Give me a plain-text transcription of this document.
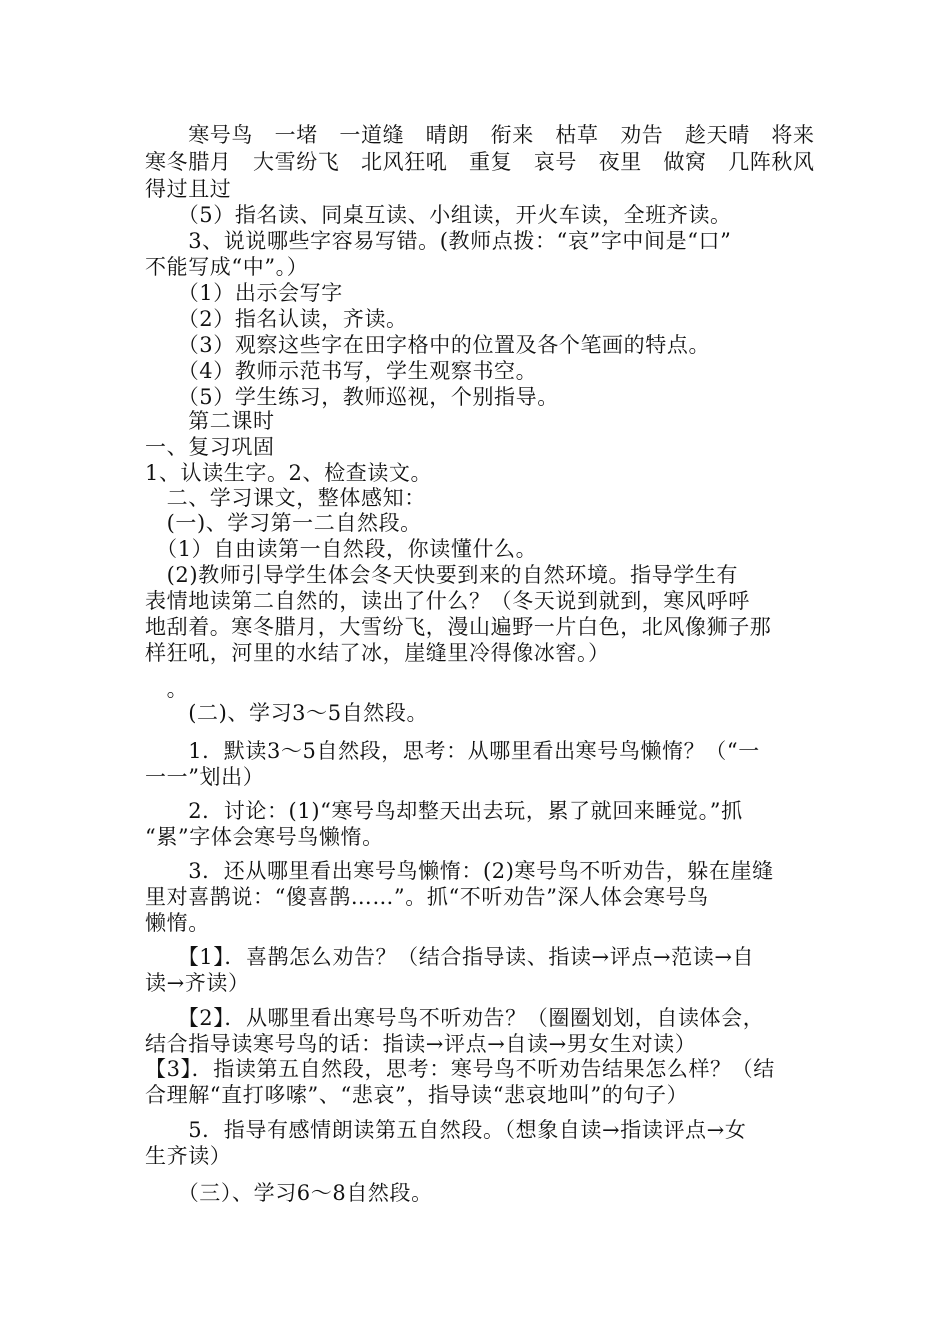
　　寒号鸟　一堵　一道缝　晴朗　衔来　枯草　劝告　趁天晴　将来
寒冬腊月　大雪纷飞　北风狂吼　重复　哀号　夜里　做窝　几阵秋风
得过且过
　　（5）指名读、同桌互读、小组读，开火车读，全班齐读。
　　3、说说哪些字容易写错。(教师点拨：“哀”字中间是“口”
不能写成“中”。）
　　（1）出示会写字
　　（2）指名认读，齐读。
　　（3）观察这些字在田字格中的位置及各个笔画的特点。
　　（4）教师示范书写，学生观察书空。
　　（5）学生练习，教师巡视，个别指导。
　　第二课时
一、复习巩固
1、认读生字。2、检查读文。
　二、学习课文，整体感知：
　(一)、学习第一二自然段。
　（1）自由读第一自然段，你读懂什么。
　(2)教师引导学生体会冬天快要到来的自然环境。指导学生有
表情地读第二自然的，读出了什么？（冬天说到就到，寒风呼呼
地刮着。寒冬腊月，大雪纷飞，漫山遍野一片白色，北风像狮子那
样狂吼，河里的水结了冰，崖缝里冷得像冰窖。）
　。
　　(二)、学习3～5自然段。
　　1．默读3～5自然段，思考：从哪里看出寒号鸟懒惰？（“一
一一”划出）
　　2．讨论：(1)“寒号鸟却整天出去玩，累了就回来睡觉。”抓
“累”字体会寒号鸟懒惰。
　　3．还从哪里看出寒号鸟懒惰：(2)寒号鸟不听劝告，躲在崖缝
里对喜鹊说：“傻喜鹊……”。抓“不听劝告”深人体会寒号鸟
懒惰。
　　【1】．喜鹊怎么劝告？（结合指导读、指读→评点→范读→自
读→齐读）
　　【2】．从哪里看出寒号鸟不听劝告？（圈圈划划，自读体会，
结合指导读寒号鸟的话：指读→评点→自读→男女生对读）
【3】．指读第五自然段，思考：寒号鸟不听劝告结果怎么样？（结
合理解“直打哆嗦”、“悲哀”，指导读“悲哀地叫”的句子）
　　5．指导有感情朗读第五自然段。（想象自读→指读评点→女
生齐读）
　　（三）、学习6～8自然段。
